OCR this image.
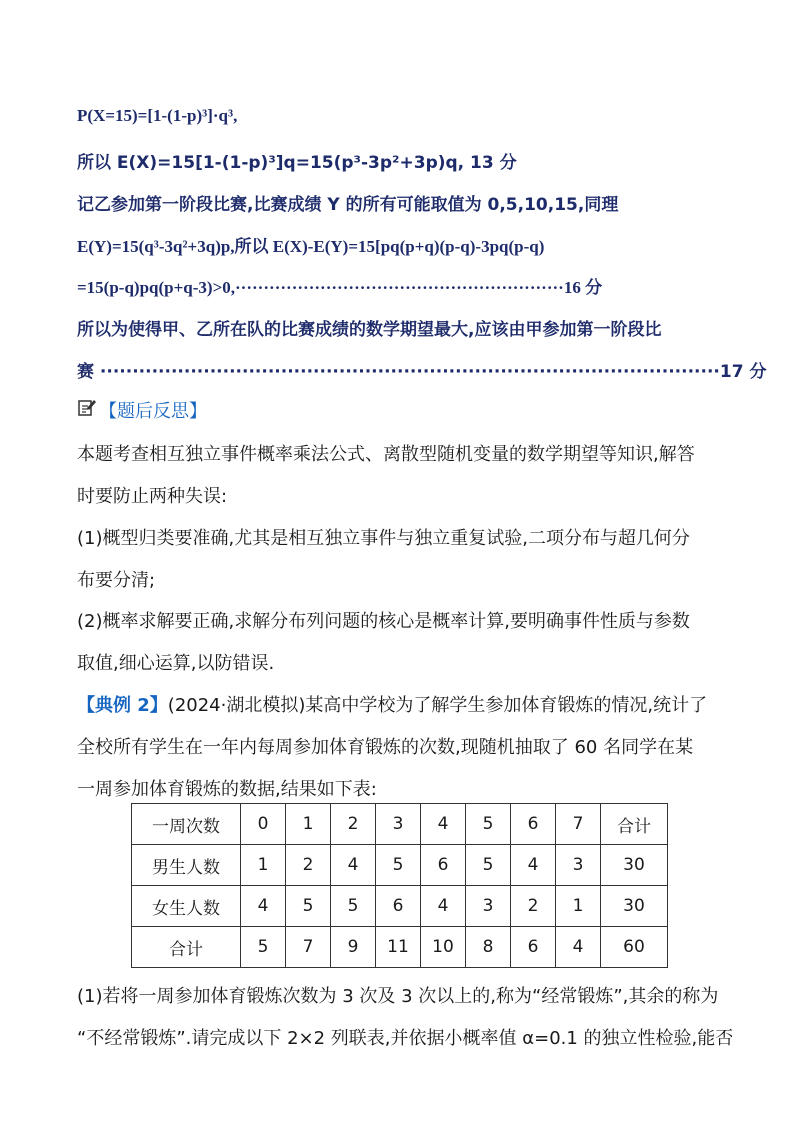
P(X=15)=[1-(1-p)³]·q³,
所以 E(X)=15[1-(1-p)³]q=15(p³-3p²+3p)q, 13 分
记乙参加第一阶段比赛,比赛成绩 Y 的所有可能取值为 0,5,10,15,同理
E(Y)=15(q³-3q²+3q)p,所以 E(X)-E(Y)=15[pq(p+q)(p-q)-3pq(p-q)
=15(p-q)pq(p+q-3)>0,··························································16 分
所以为使得甲、乙所在队的比赛成绩的数学期望最大,应该由甲参加第一阶段比
赛 ································································································17 分
【题后反思】
本题考查相互独立事件概率乘法公式、离散型随机变量的数学期望等知识,解答
时要防止两种失误:
(1)概型归类要准确,尤其是相互独立事件与独立重复试验,二项分布与超几何分
布要分清;
(2)概率求解要正确,求解分布列问题的核心是概率计算,要明确事件性质与参数
取值,细心运算,以防错误.
【典例 2】(2024·湖北模拟)某高中学校为了解学生参加体育锻炼的情况,统计了
全校所有学生在一年内每周参加体育锻炼的次数,现随机抽取了 60 名同学在某
一周参加体育锻炼的数据,结果如下表:
一周次数	0	1	2	3	4	5	6	7	合计
男生人数	1	2	4	5	6	5	4	3	30
女生人数	4	5	5	6	4	3	2	1	30
合计	5	7	9	11	10	8	6	4	60
(1)若将一周参加体育锻炼次数为 3 次及 3 次以上的,称为“经常锻炼”,其余的称为
“不经常锻炼”.请完成以下 2×2 列联表,并依据小概率值 α=0.1 的独立性检验,能否
